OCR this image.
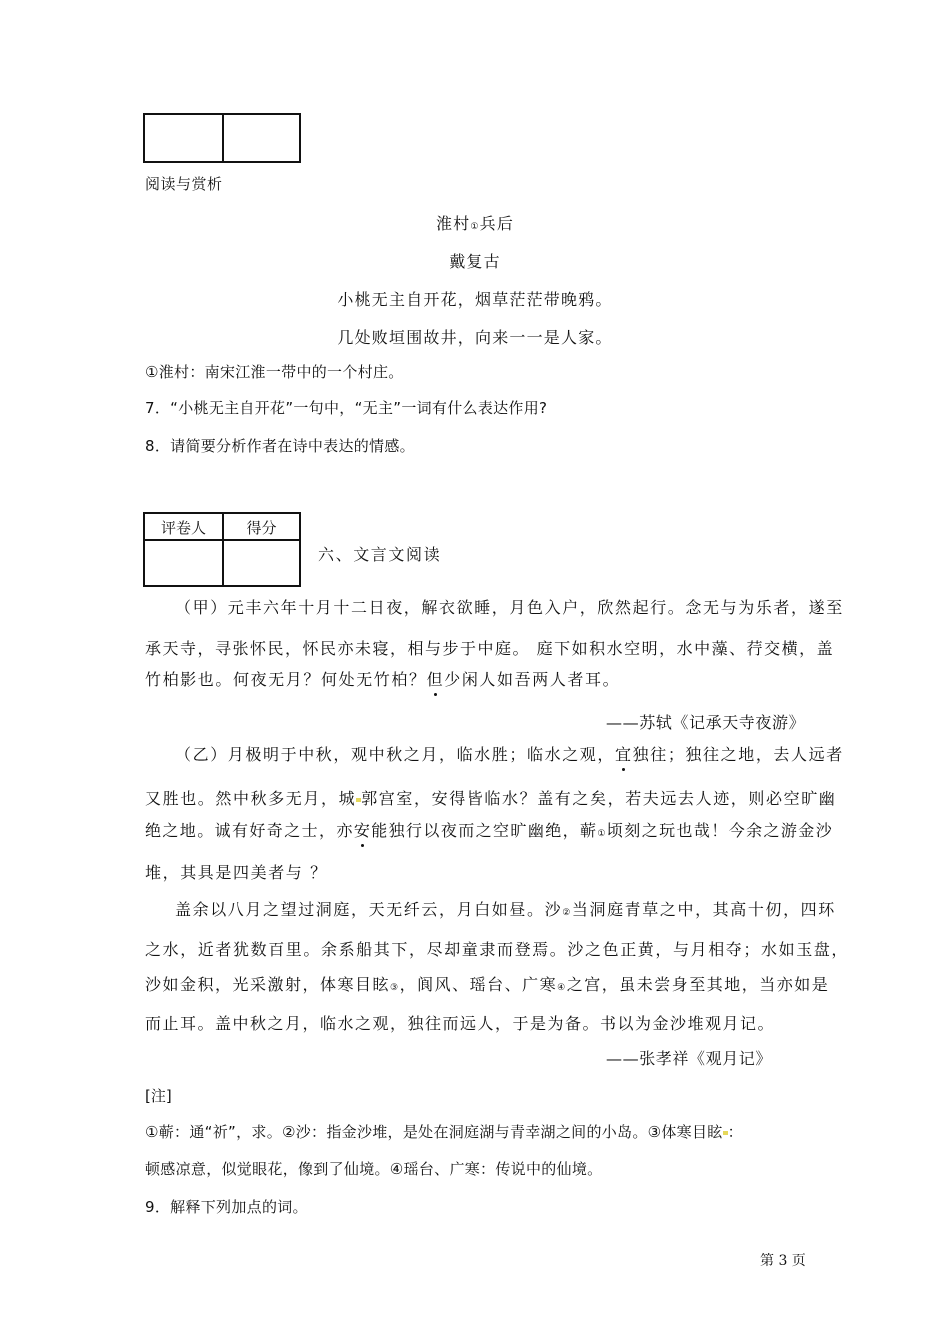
阅读与赏析
淮村①兵后
戴复古
小桃无主自开花，烟草茫茫带晚鸦。
几处败垣围故井，向来一一是人家。
①淮村：南宋江淮一带中的一个村庄。
7．“小桃无主自开花”一句中，“无主”一词有什么表达作用?
8．请简要分析作者在诗中表达的情感。
评卷人	得分
六、文言文阅读
（甲）元丰六年十月十二日夜，解衣欲睡，月色入户，欣然起行。念无与为乐者，遂至
承天寺，寻张怀民，怀民亦未寝，相与步于中庭。 庭下如积水空明，水中藻、荇交横，盖
竹柏影也。何夜无月？何处无竹柏？但少闲人如吾两人者耳。
——苏轼《记承天寺夜游》
（乙）月极明于中秋，观中秋之月，临水胜；临水之观，宜独往；独往之地，去人远者
又胜也。然中秋多无月，城 郭宫室，安得皆临水？盖有之矣，若夫远去人迹，则必空旷幽
绝之地。诚有好奇之士，亦安能独行以夜而之空旷幽绝，蕲①顷刻之玩也哉！今余之游金沙
堆，其具是四美者与 ？
盖余以八月之望过洞庭，天无纤云，月白如昼。沙②当洞庭青草之中，其高十仞，四环
之水，近者犹数百里。余系船其下，尽却童隶而登焉。沙之色正黄，与月相夺；水如玉盘，
沙如金积，光采激射，体寒目眩③，阆风、瑶台、广寒④之宫，虽未尝身至其地，当亦如是
而止耳。盖中秋之月，临水之观，独往而远人，于是为备。书以为金沙堆观月记。
——张孝祥《观月记》
[注]
①蕲：通“祈”，求。②沙：指金沙堆，是处在洞庭湖与青幸湖之间的小岛。③体寒目眩 ：
顿感凉意，似觉眼花，像到了仙境。④瑶台、广寒：传说中的仙境。
9．解释下列加点的词。
第 3 页
